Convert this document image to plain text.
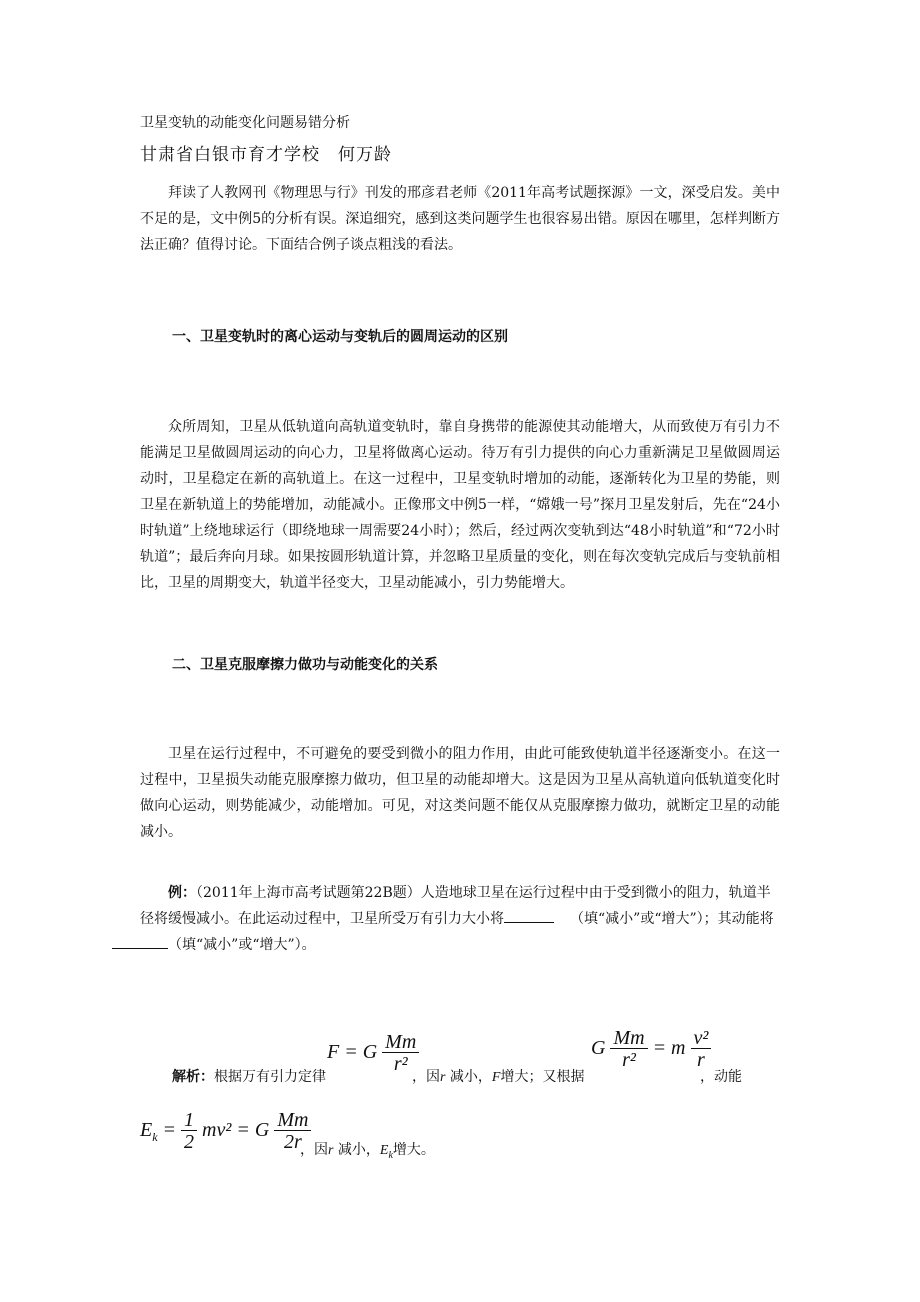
卫星变轨的动能变化问题易错分析

甘肃省白银市育才学校　何万龄

拜读了人教网刊《物理思与行》刊发的邢彦君老师《2011年高考试题探源》一文，深受启发。美中不足的是，文中例5的分析有误。深追细究，感到这类问题学生也很容易出错。原因在哪里，怎样判断方法正确？值得讨论。下面结合例子谈点粗浅的看法。

一、卫星变轨时的离心运动与变轨后的圆周运动的区别

众所周知，卫星从低轨道向高轨道变轨时，靠自身携带的能源使其动能增大，从而致使万有引力不能满足卫星做圆周运动的向心力，卫星将做离心运动。待万有引力提供的向心力重新满足卫星做圆周运动时，卫星稳定在新的高轨道上。在这一过程中，卫星变轨时增加的动能，逐渐转化为卫星的势能，则卫星在新轨道上的势能增加，动能减小。正像邢文中例5一样，“嫦娥一号”探月卫星发射后，先在“24小时轨道”上绕地球运行（即绕地球一周需要24小时）；然后，经过两次变轨到达“48小时轨道”和“72小时轨道”；最后奔向月球。如果按圆形轨道计算，并忽略卫星质量的变化，则在每次变轨完成后与变轨前相比，卫星的周期变大，轨道半径变大，卫星动能减小，引力势能增大。

二、卫星克服摩擦力做功与动能变化的关系

卫星在运行过程中，不可避免的要受到微小的阻力作用，由此可能致使轨道半径逐渐变小。在这一过程中，卫星损失动能克服摩擦力做功，但卫星的动能却增大。这是因为卫星从高轨道向低轨道变化时做向心运动，则势能减少，动能增加。可见，对这类问题不能仅从克服摩擦力做功，就断定卫星的动能减小。

例：（2011年上海市高考试题第22B题）人造地球卫星在运行过程中由于受到微小的阻力，轨道半径将缓慢减小。在此运动过程中，卫星所受万有引力大小将	（填“减小”或“增大”）；其动能将
（填“减小”或“增大”）。

F = G $\frac{Mm}{\text{r²}}$	G $\frac{Mm}{\text{r²}} = m \frac{\text{v²}}{r}$

解析：根据万有引力定律	，因r 减小，F增大；又根据	，动能

$E_k = \frac{1}{2} mv^2 = G \frac{Mm}{2r}$

，因r 减小，$E_k$增大。
